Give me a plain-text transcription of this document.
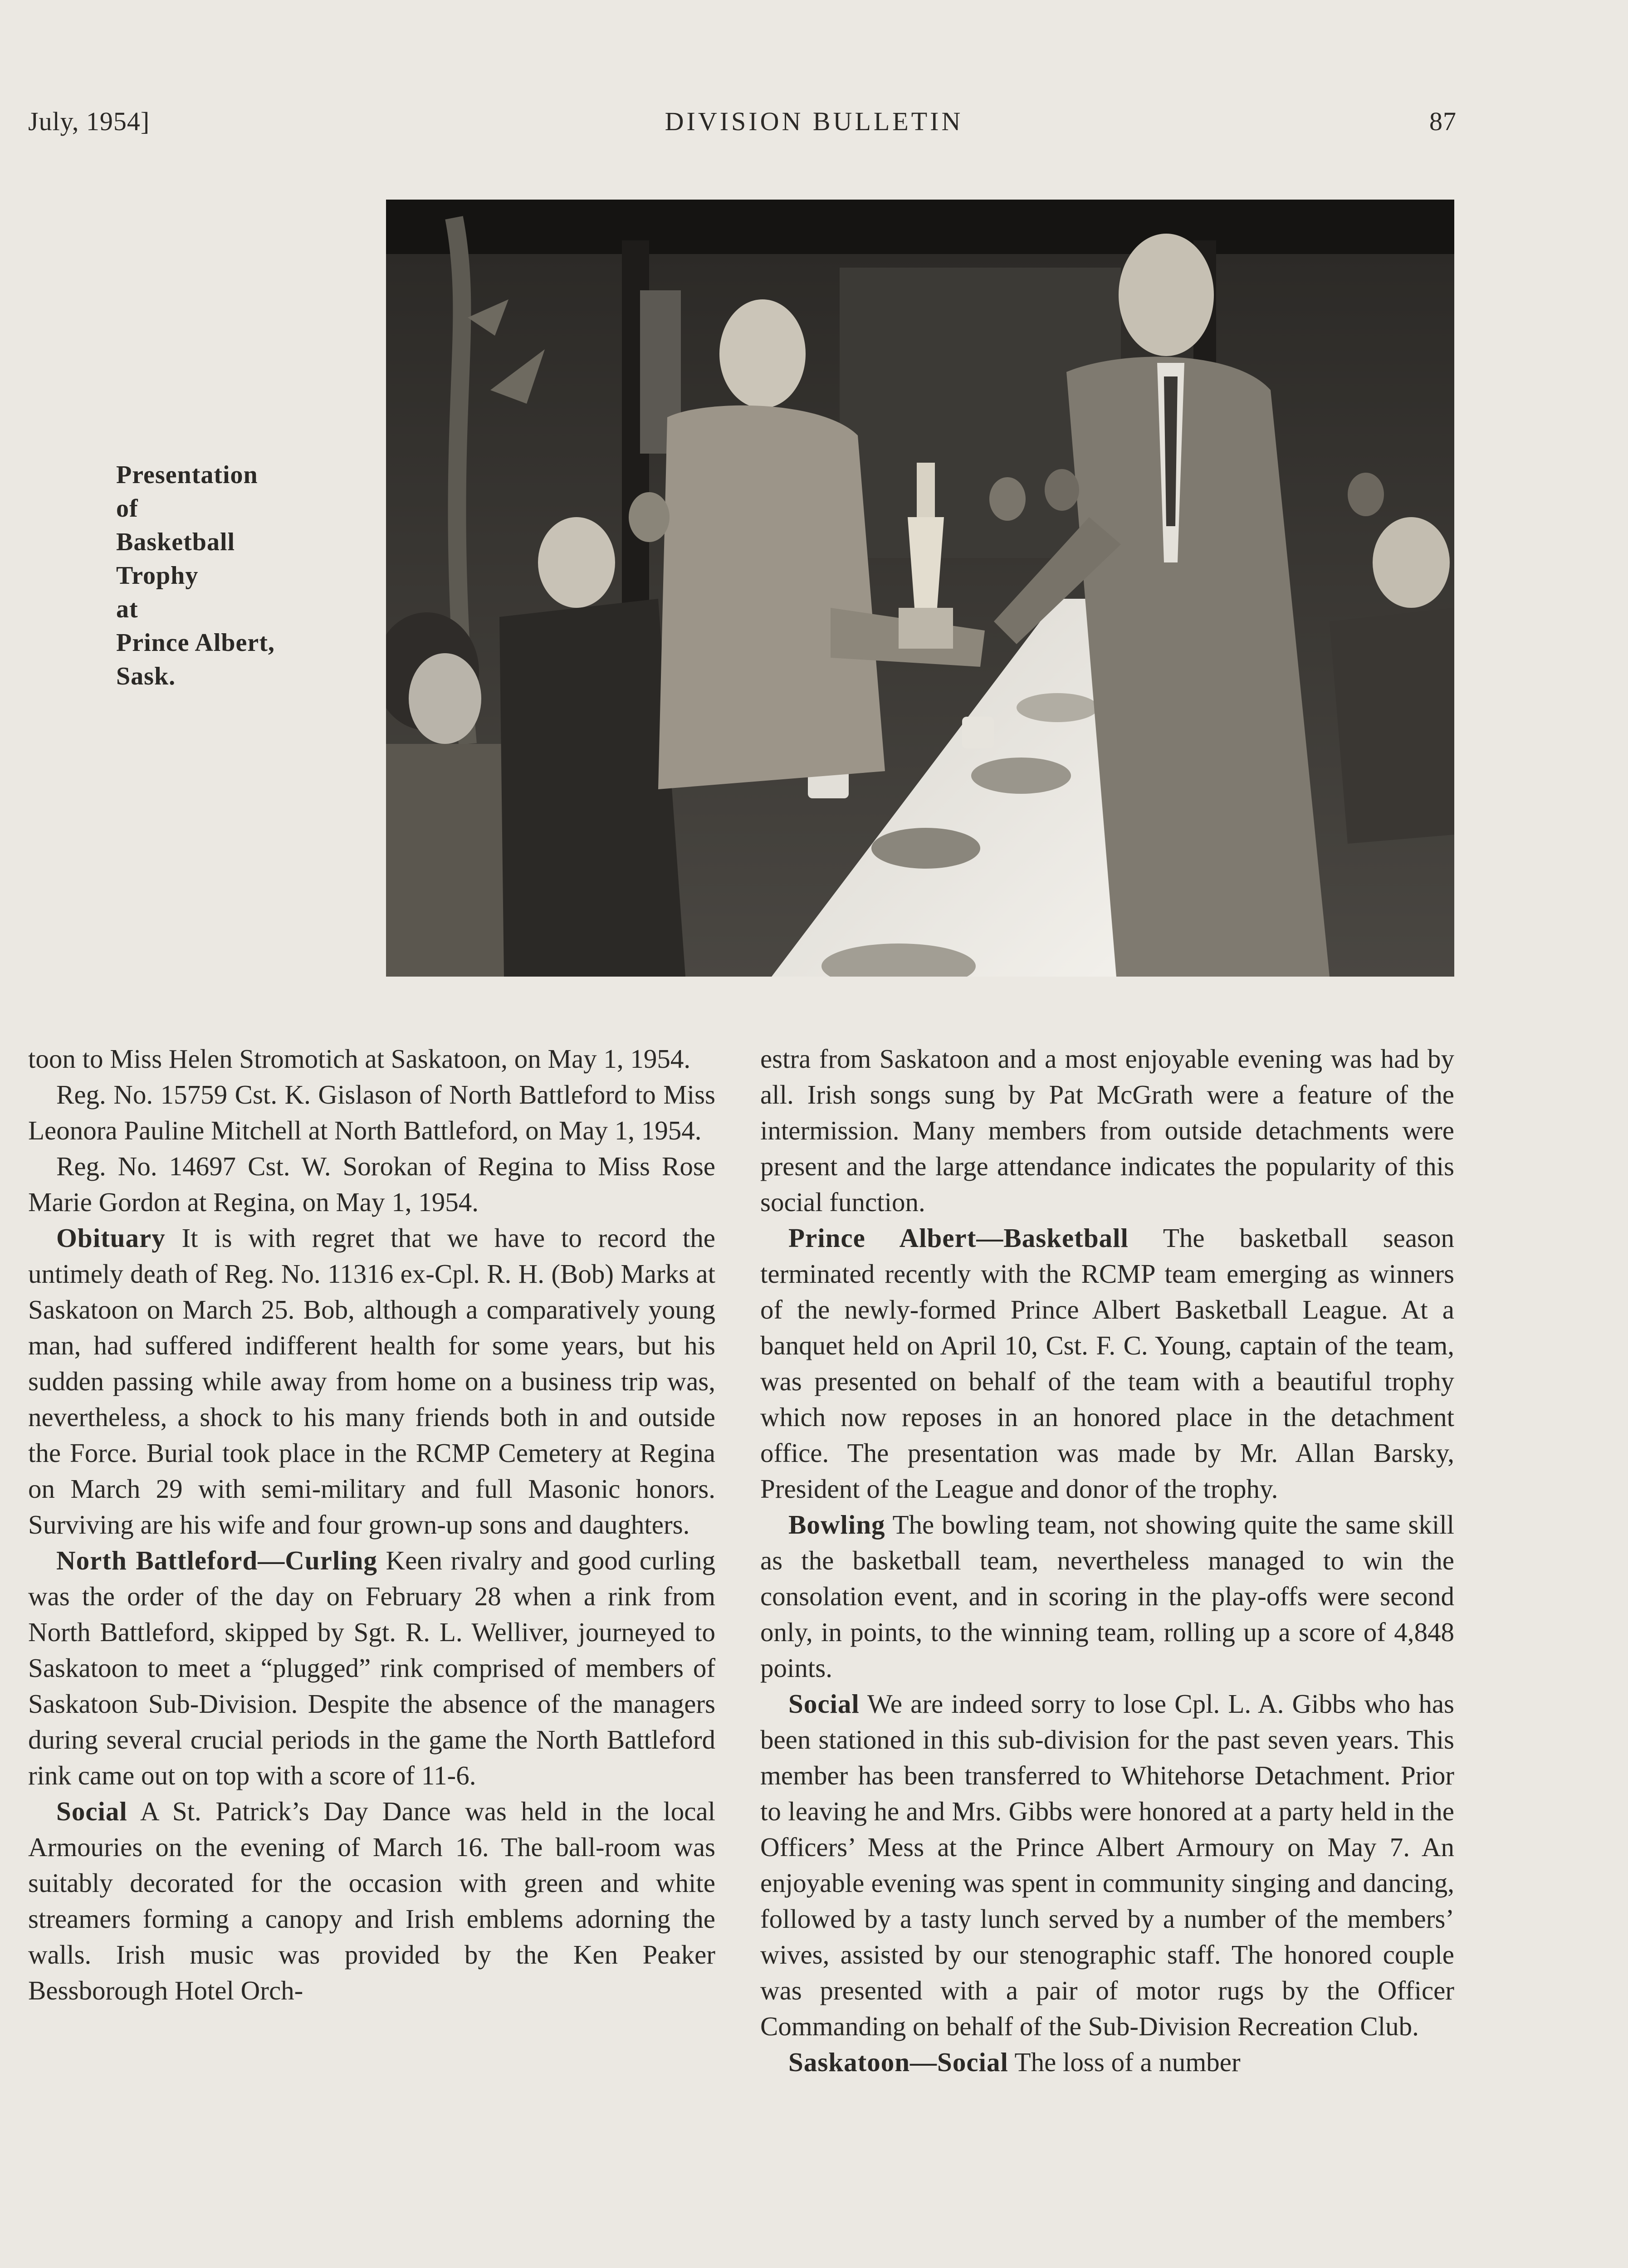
July, 1954]	DIVISION BULLETIN	87
Presentation
of
Basketball
Trophy
at
Prince Albert,
Sask.

toon to Miss Helen Stromotich at Saskatoon, on May 1, 1954.

Reg. No. 15759 Cst. K. Gislason of North Battleford to Miss Leonora Pauline Mitchell at North Battleford, on May 1, 1954.

Reg. No. 14697 Cst. W. Sorokan of Regina to Miss Rose Marie Gordon at Regina, on May 1, 1954.

Obituary It is with regret that we have to record the untimely death of Reg. No. 11316 ex-Cpl. R. H. (Bob) Marks at Saskatoon on March 25. Bob, although a comparatively young man, had suffered indifferent health for some years, but his sudden passing while away from home on a business trip was, nevertheless, a shock to his many friends both in and outside the Force. Burial took place in the RCMP Cemetery at Regina on March 29 with semi-military and full Masonic honors. Surviving are his wife and four grown-up sons and daughters.

North Battleford—Curling Keen rivalry and good curling was the order of the day on February 28 when a rink from North Battleford, skipped by Sgt. R. L. Welliver, journeyed to Saskatoon to meet a “plugged” rink comprised of members of Saskatoon Sub-Division. Despite the absence of the managers during several crucial periods in the game the North Battleford rink came out on top with a score of 11-6.

Social A St. Patrick’s Day Dance was held in the local Armouries on the evening of March 16. The ball-room was suitably decorated for the occasion with green and white streamers forming a canopy and Irish emblems adorning the walls. Irish music was provided by the Ken Peaker Bessborough Hotel Orch-

estra from Saskatoon and a most enjoyable evening was had by all. Irish songs sung by Pat McGrath were a feature of the intermission. Many members from outside detachments were present and the large attendance indicates the popularity of this social function.

Prince Albert—Basketball The basketball season terminated recently with the RCMP team emerging as winners of the newly-formed Prince Albert Basketball League. At a banquet held on April 10, Cst. F. C. Young, captain of the team, was presented on behalf of the team with a beautiful trophy which now reposes in an honored place in the detachment office. The presentation was made by Mr. Allan Barsky, President of the League and donor of the trophy.

Bowling The bowling team, not showing quite the same skill as the basketball team, nevertheless managed to win the consolation event, and in scoring in the play-offs were second only, in points, to the winning team, rolling up a score of 4,848 points.

Social We are indeed sorry to lose Cpl. L. A. Gibbs who has been stationed in this sub-division for the past seven years. This member has been transferred to Whitehorse Detachment. Prior to leaving he and Mrs. Gibbs were honored at a party held in the Officers’ Mess at the Prince Albert Armoury on May 7. An enjoyable evening was spent in community singing and dancing, followed by a tasty lunch served by a number of the members’ wives, assisted by our stenographic staff. The honored couple was presented with a pair of motor rugs by the Officer Commanding on behalf of the Sub-Division Recreation Club.

Saskatoon—Social The loss of a number
